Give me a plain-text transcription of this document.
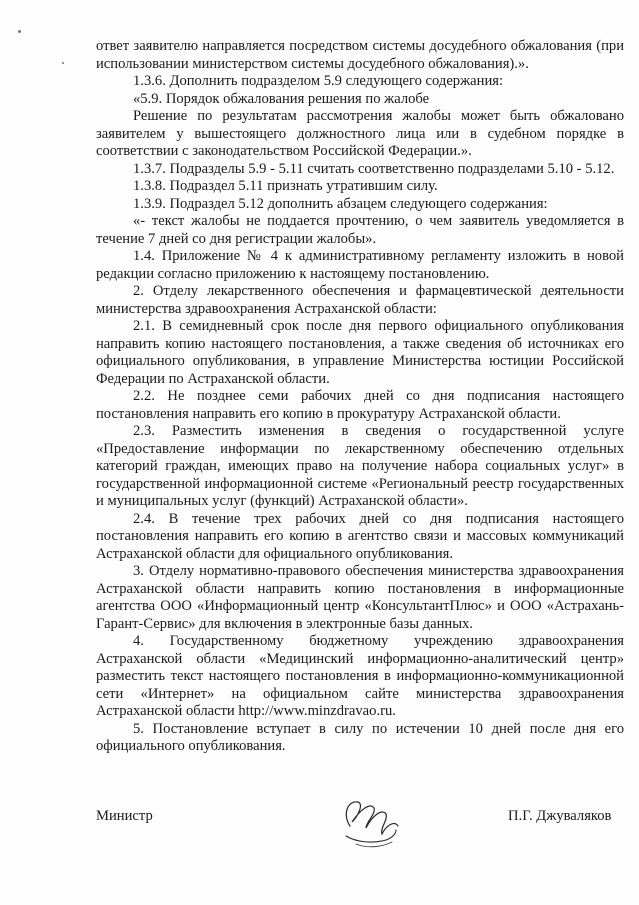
ответ заявителю направляется посредством системы досудебного обжалования (при использовании министерством системы досудебного обжалования).».

1.3.6. Дополнить подразделом 5.9 следующего содержания:

«5.9. Порядок обжалования решения по жалобе

Решение по результатам рассмотрения жалобы может быть обжаловано заявителем у вышестоящего должностного лица или в судебном порядке в соответствии с законодательством Российской Федерации.».

1.3.7. Подразделы 5.9 - 5.11 считать соответственно подразделами 5.10 - 5.12.

1.3.8. Подраздел 5.11 признать утратившим силу.

1.3.9. Подраздел 5.12 дополнить абзацем следующего содержания:

«- текст жалобы не поддается прочтению, о чем заявитель уведомляется в течение 7 дней со дня регистрации жалобы».

1.4. Приложение № 4 к административному регламенту изложить в новой редакции согласно приложению к настоящему постановлению.

2. Отделу лекарственного обеспечения и фармацевтической деятельности министерства здравоохранения Астраханской области:

2.1. В семидневный срок после дня первого официального опубликования направить копию настоящего постановления, а также сведения об источниках его официального опубликования, в управление Министерства юстиции Российской Федерации по Астраханской области.

2.2. Не позднее семи рабочих дней со дня подписания настоящего постановления направить его копию в прокуратуру Астраханской области.

2.3. Разместить изменения в сведения о государственной услуге «Предоставление информации по лекарственному обеспечению отдельных категорий граждан, имеющих право на получение набора социальных услуг» в государственной информационной системе «Региональный реестр государственных и муниципальных услуг (функций) Астраханской области».

2.4. В течение трех рабочих дней со дня подписания настоящего постановления направить его копию в агентство связи и массовых коммуникаций Астраханской области для официального опубликования.

3. Отделу нормативно-правового обеспечения министерства здравоохранения Астраханской области направить копию постановления в информационные агентства ООО «Информационный центр «КонсультантПлюс» и ООО «Астрахань-Гарант-Сервис» для включения в электронные базы данных.

4. Государственному бюджетному учреждению здравоохранения Астраханской области «Медицинский информационно-аналитический центр» разместить текст настоящего постановления в информационно-коммуникационной сети «Интернет» на официальном сайте министерства здравоохранения Астраханской области http://www.minzdravao.ru.

5. Постановление вступает в силу по истечении 10 дней после дня его официального опубликования.

Министр	П.Г. Джуваляков
